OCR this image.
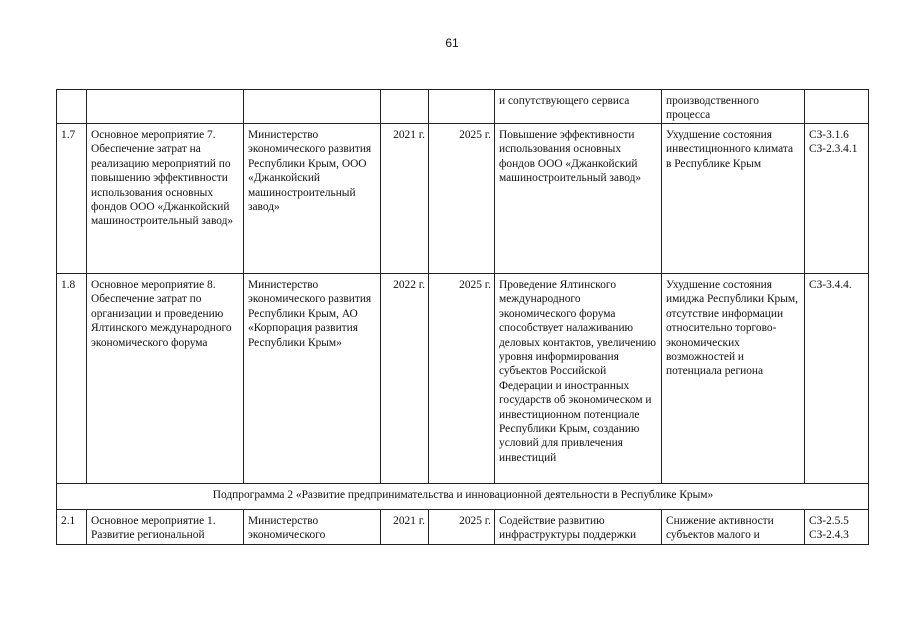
61
					и сопутствующего сервиса	производственного процесса	
1.7	Основное мероприятие 7. Обеспечение затрат на реализацию мероприятий по повышению эффективности использования основных фондов ООО «Джанкойский машиностроительный завод»	Министерство экономического развития Республики Крым, ООО «Джанкойский машиностроительный завод»	2021 г.	2025 г.	Повышение эффективности использования основных фондов ООО «Джанкойский машиностроительный завод»	Ухудшение состояния инвестиционного климата в Республике Крым	СЗ-3.1.6 СЗ-2.3.4.1
1.8	Основное мероприятие 8. Обеспечение затрат по организации и проведению Ялтинского международного экономического форума	Министерство экономического развития Республики Крым, АО «Корпорация развития Республики Крым»	2022 г.	2025 г.	Проведение Ялтинского международного экономического форума способствует налаживанию деловых контактов, увеличению уровня информирования субъектов Российской Федерации и иностранных государств об экономическом и инвестиционном потенциале Республики Крым, созданию условий для привлечения инвестиций	Ухудшение состояния имиджа Республики Крым, отсутствие информации относительно торгово-экономических возможностей и потенциала региона	СЗ-3.4.4.
Подпрограмма 2 «Развитие предпринимательства и инновационной деятельности в Республике Крым»							
2.1	Основное мероприятие 1. Развитие региональной	Министерство экономического	2021 г.	2025 г.	Содействие развитию инфраструктуры поддержки	Снижение активности субъектов малого и	СЗ-2.5.5 СЗ-2.4.3
